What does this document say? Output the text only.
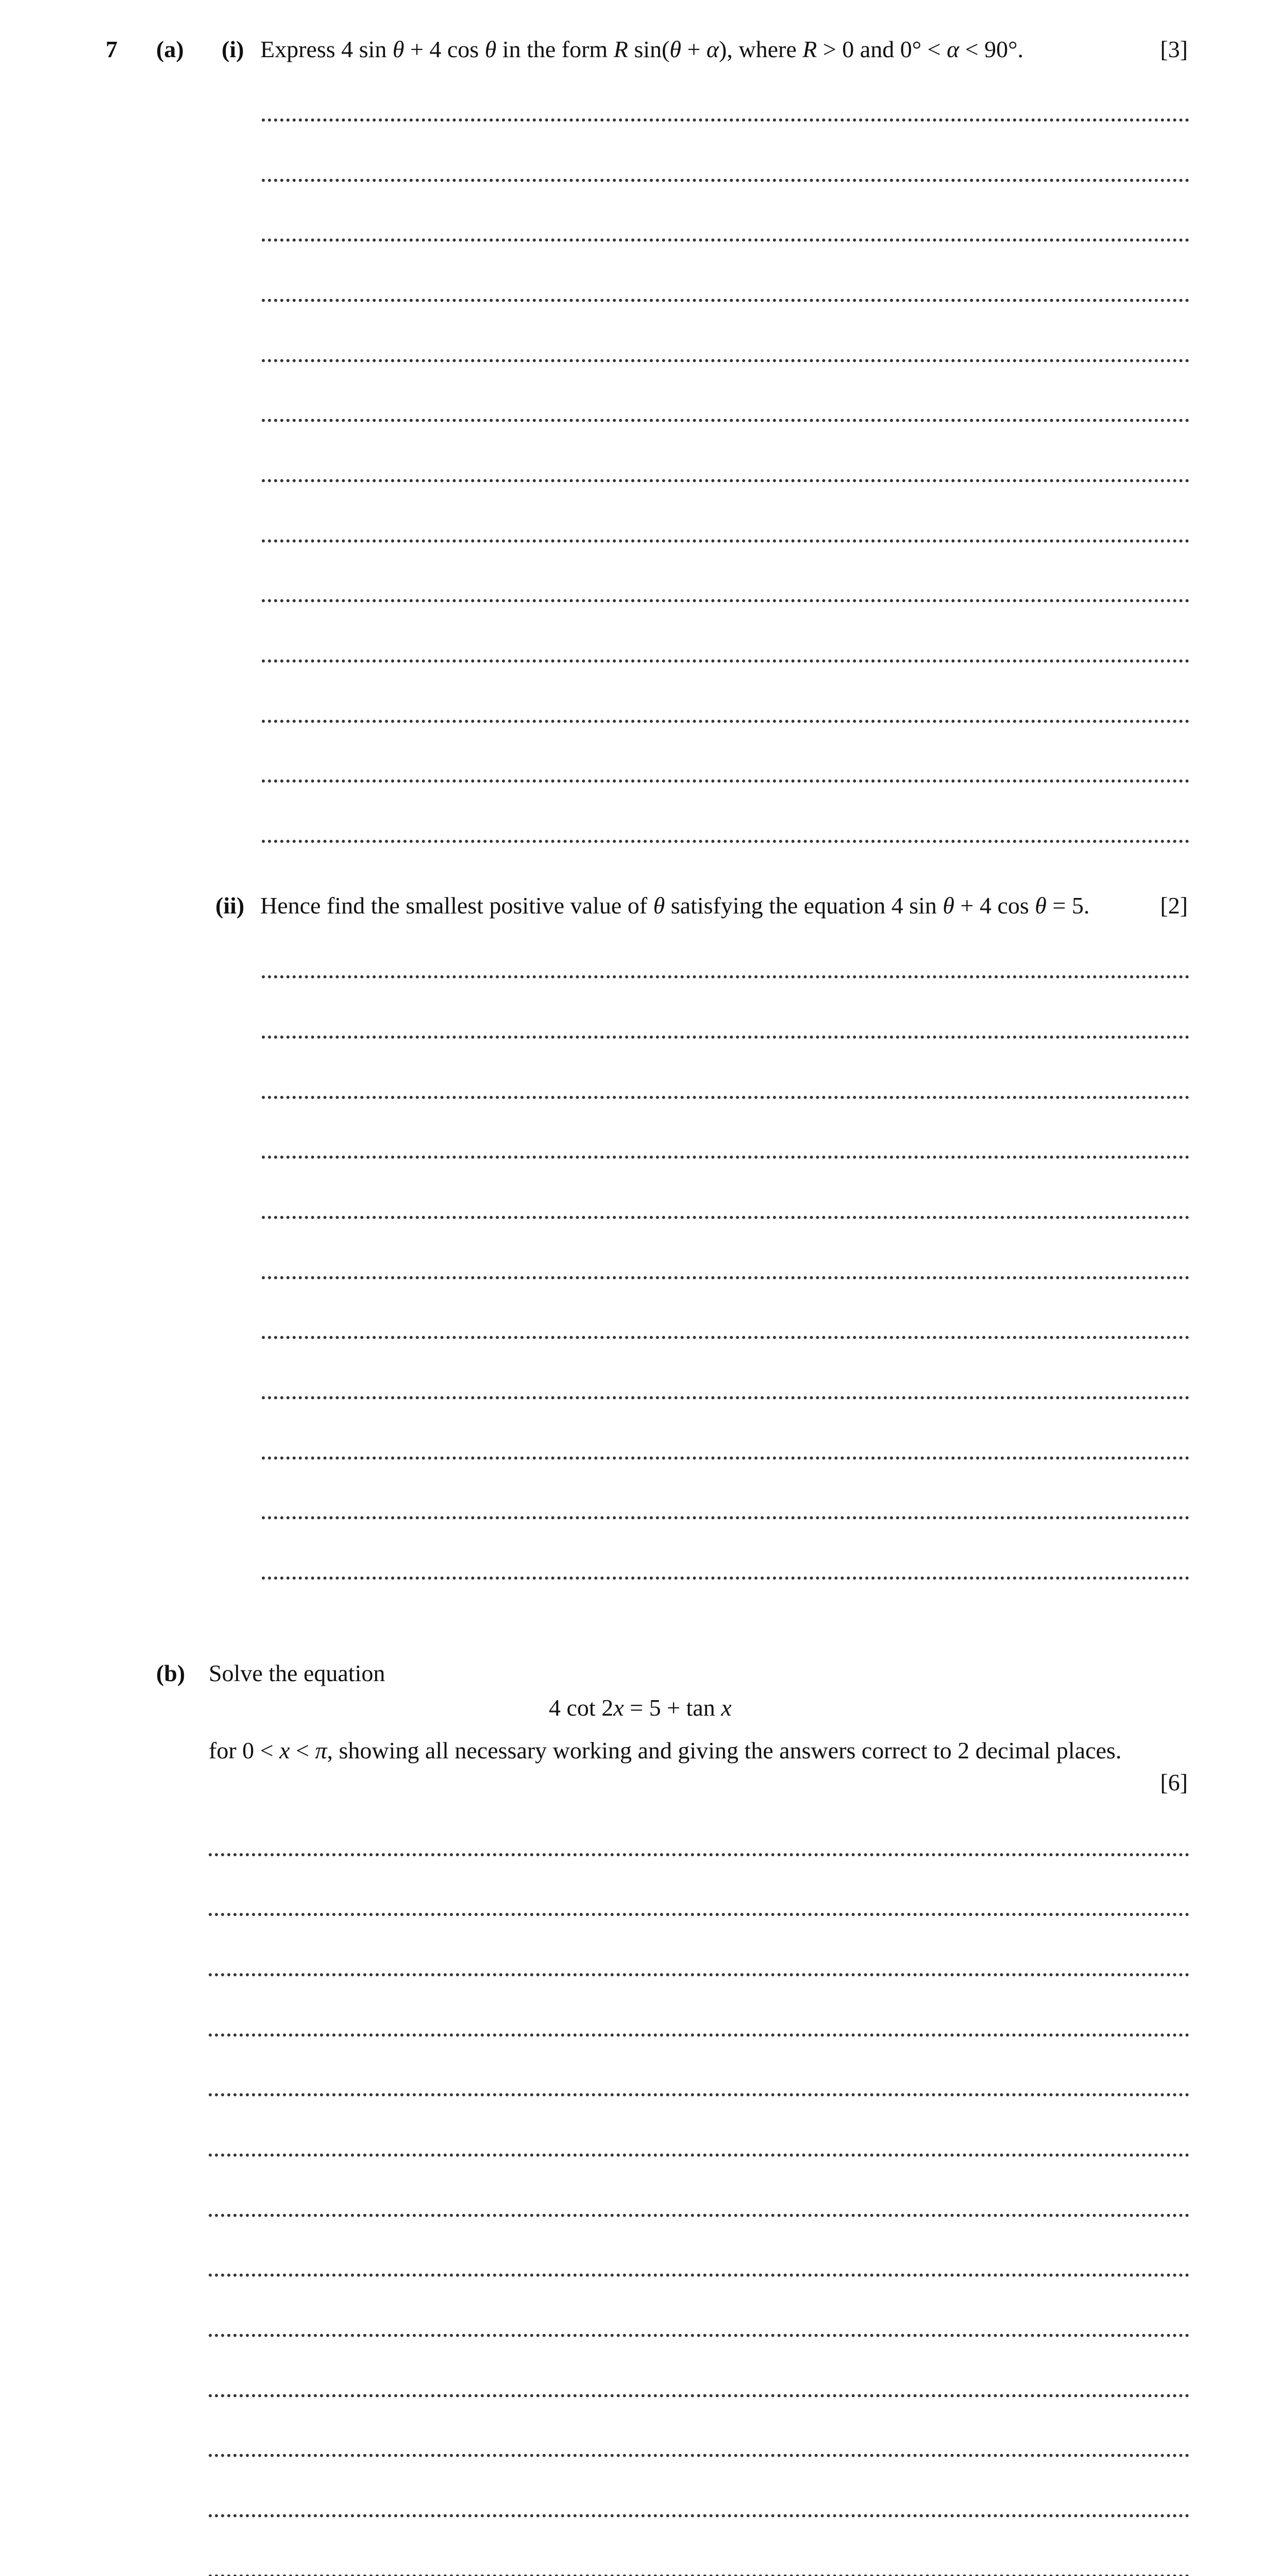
7 (a) (i) Express 4 sin θ + 4 cos θ in the form R sin(θ + α), where R > 0 and 0° < α < 90°.	[3]
(ii) Hence find the smallest positive value of θ satisfying the equation 4 sin θ + 4 cos θ = 5.	[2]
(b) Solve the equation
4 cot 2x = 5 + tan x
for 0 < x < π, showing all necessary working and giving the answers correct to 2 decimal places.
[6]
